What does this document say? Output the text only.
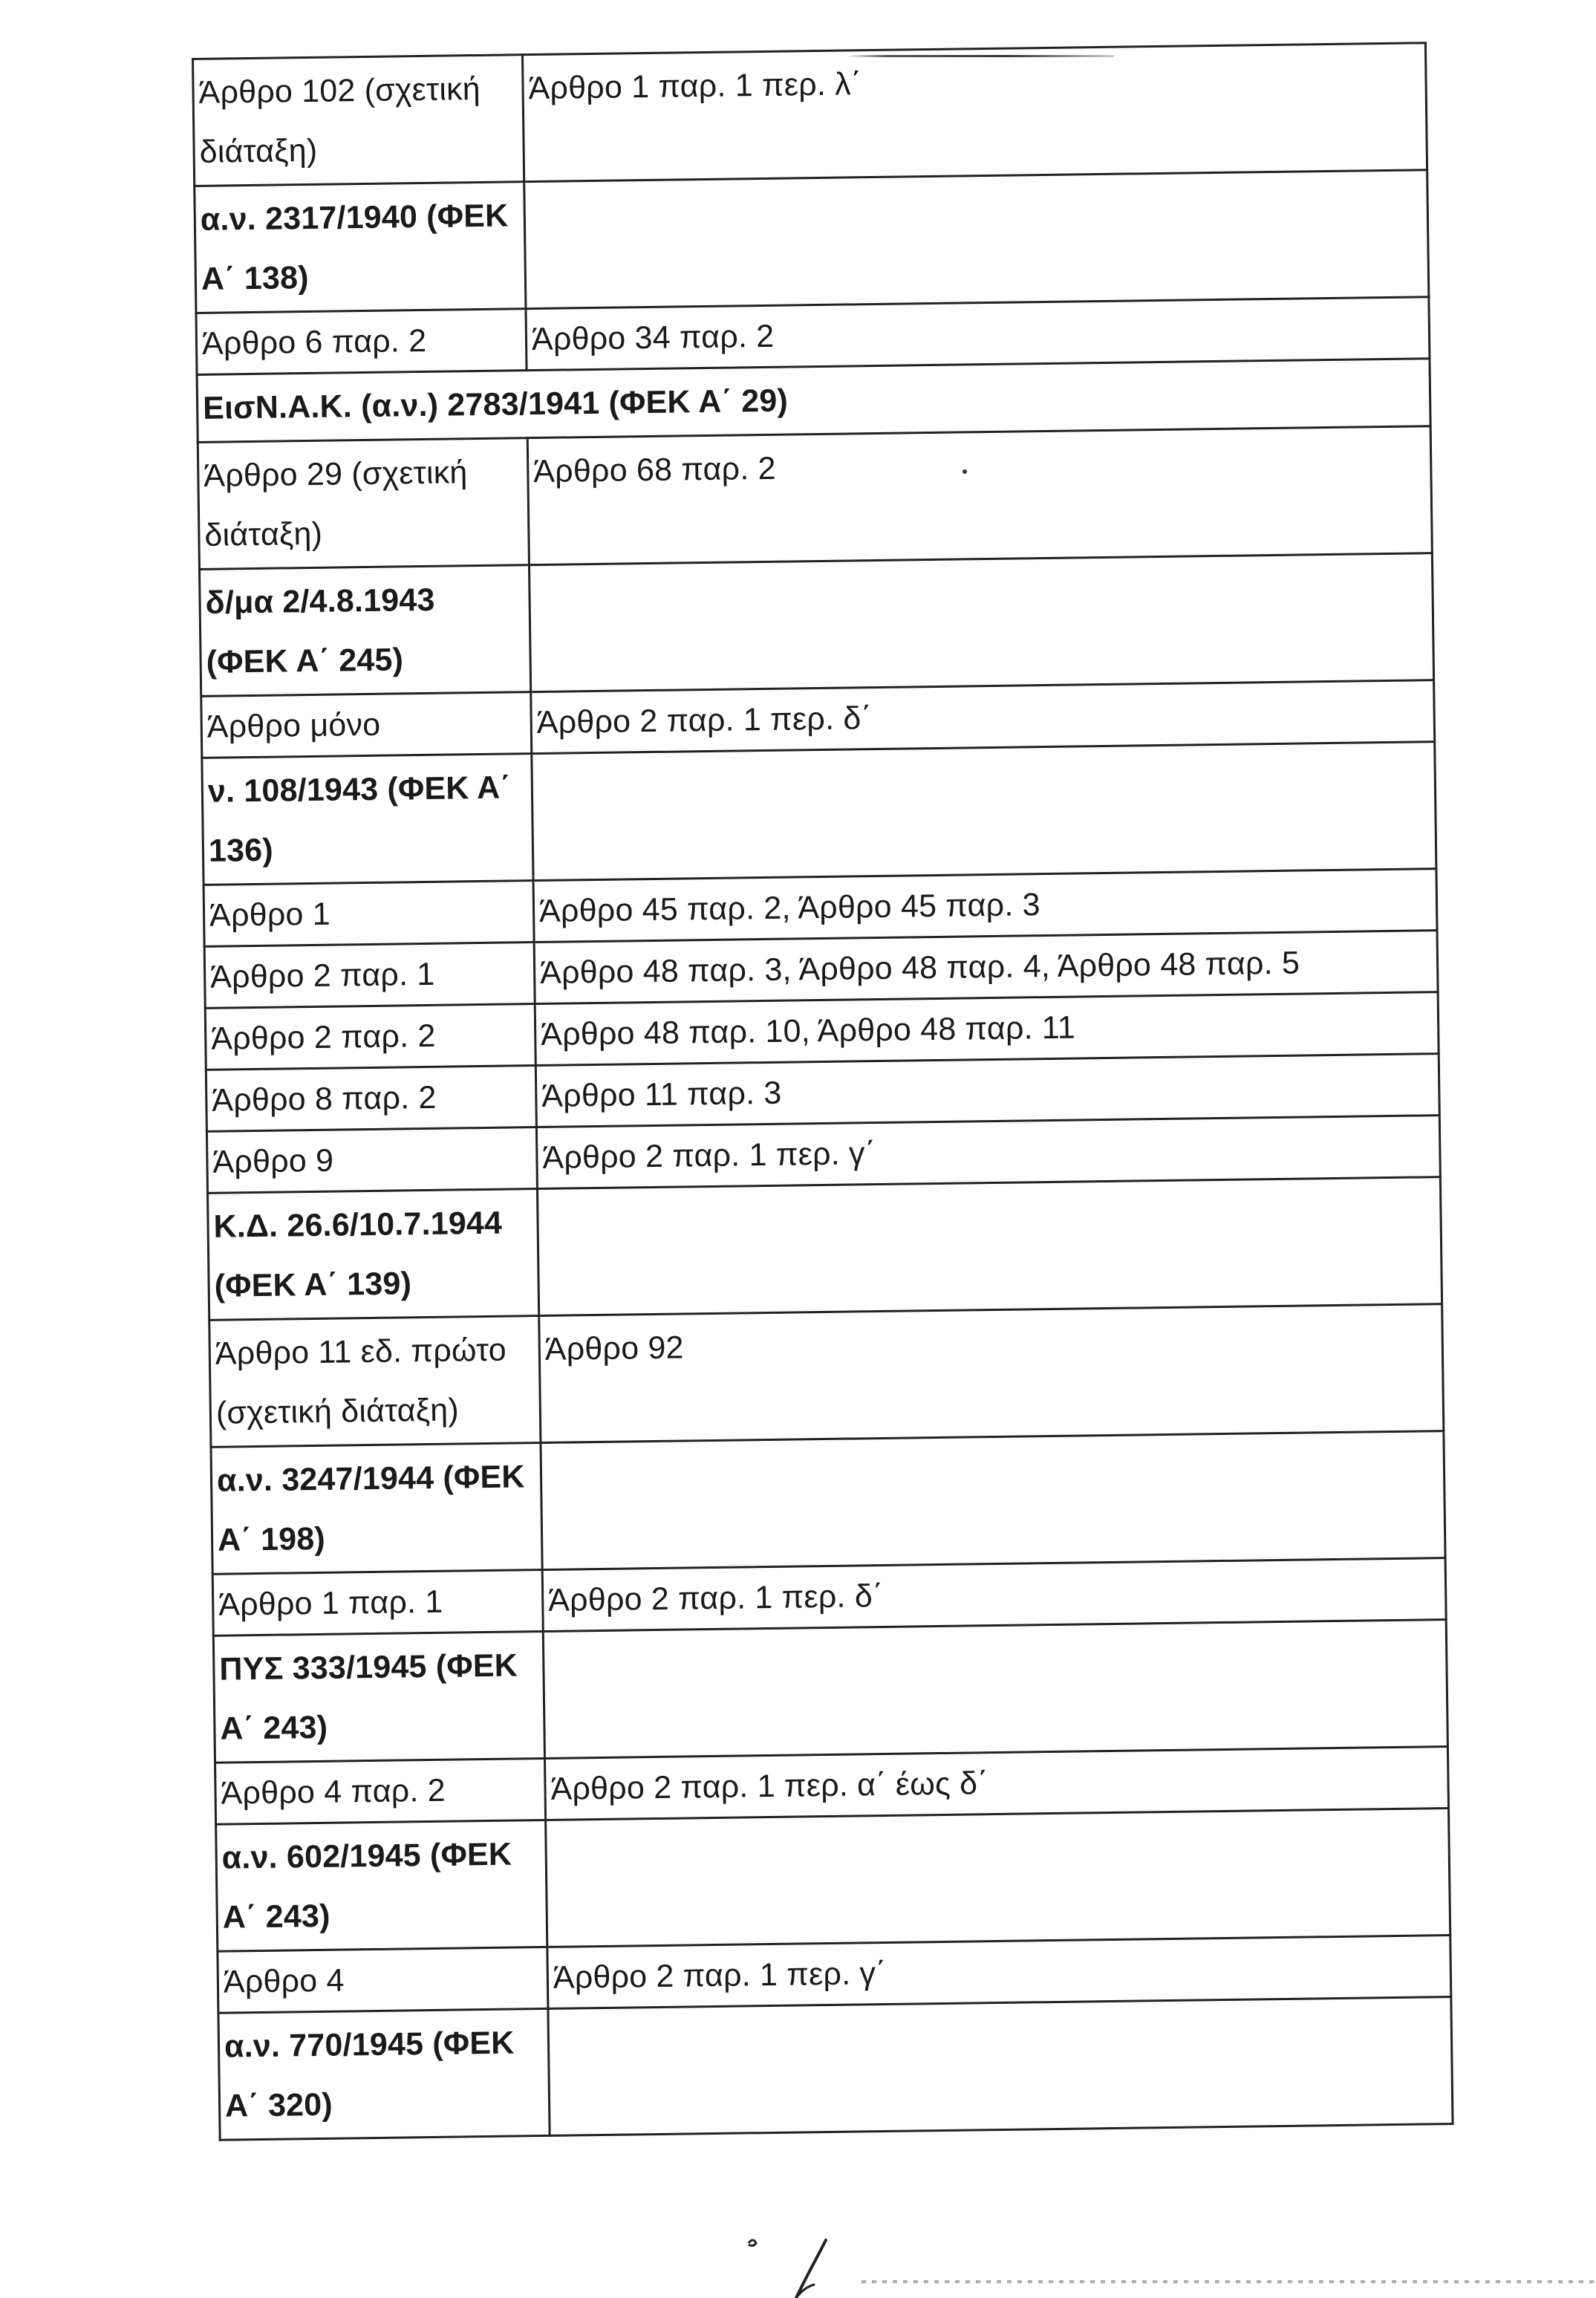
Άρθρο 102 (σχετική διάταξη)	Άρθρο 1 παρ. 1 περ. λ΄
α.ν. 2317/1940 (ΦΕΚ Α΄ 138)	
Άρθρο 6 παρ. 2	Άρθρο 34 παρ. 2
ΕισΝ.Α.Κ. (α.ν.) 2783/1941 (ΦΕΚ Α΄ 29)	
Άρθρο 29 (σχετική διάταξη)	Άρθρο 68 παρ. 2
δ/μα 2/4.8.1943 (ΦΕΚ Α΄ 245)	
Άρθρο μόνο	Άρθρο 2 παρ. 1 περ. δ΄
ν. 108/1943 (ΦΕΚ Α΄ 136)	
Άρθρο 1	Άρθρο 45 παρ. 2, Άρθρο 45 παρ. 3
Άρθρο 2 παρ. 1	Άρθρο 48 παρ. 3, Άρθρο 48 παρ. 4, Άρθρο 48 παρ. 5
Άρθρο 2 παρ. 2	Άρθρο 48 παρ. 10, Άρθρο 48 παρ. 11
Άρθρο 8 παρ. 2	Άρθρο 11 παρ. 3
Άρθρο 9	Άρθρο 2 παρ. 1 περ. γ΄
Κ.Δ. 26.6/10.7.1944 (ΦΕΚ Α΄ 139)	
Άρθρο 11 εδ. πρώτο (σχετική διάταξη)	Άρθρο 92
α.ν. 3247/1944 (ΦΕΚ Α΄ 198)	
Άρθρο 1 παρ. 1	Άρθρο 2 παρ. 1 περ. δ΄
ΠΥΣ 333/1945 (ΦΕΚ Α΄ 243)	
Άρθρο 4 παρ. 2	Άρθρο 2 παρ. 1 περ. α΄ έως δ΄
α.ν. 602/1945 (ΦΕΚ Α΄ 243)	
Άρθρο 4	Άρθρο 2 παρ. 1 περ. γ΄
α.ν. 770/1945 (ΦΕΚ Α΄ 320)	
